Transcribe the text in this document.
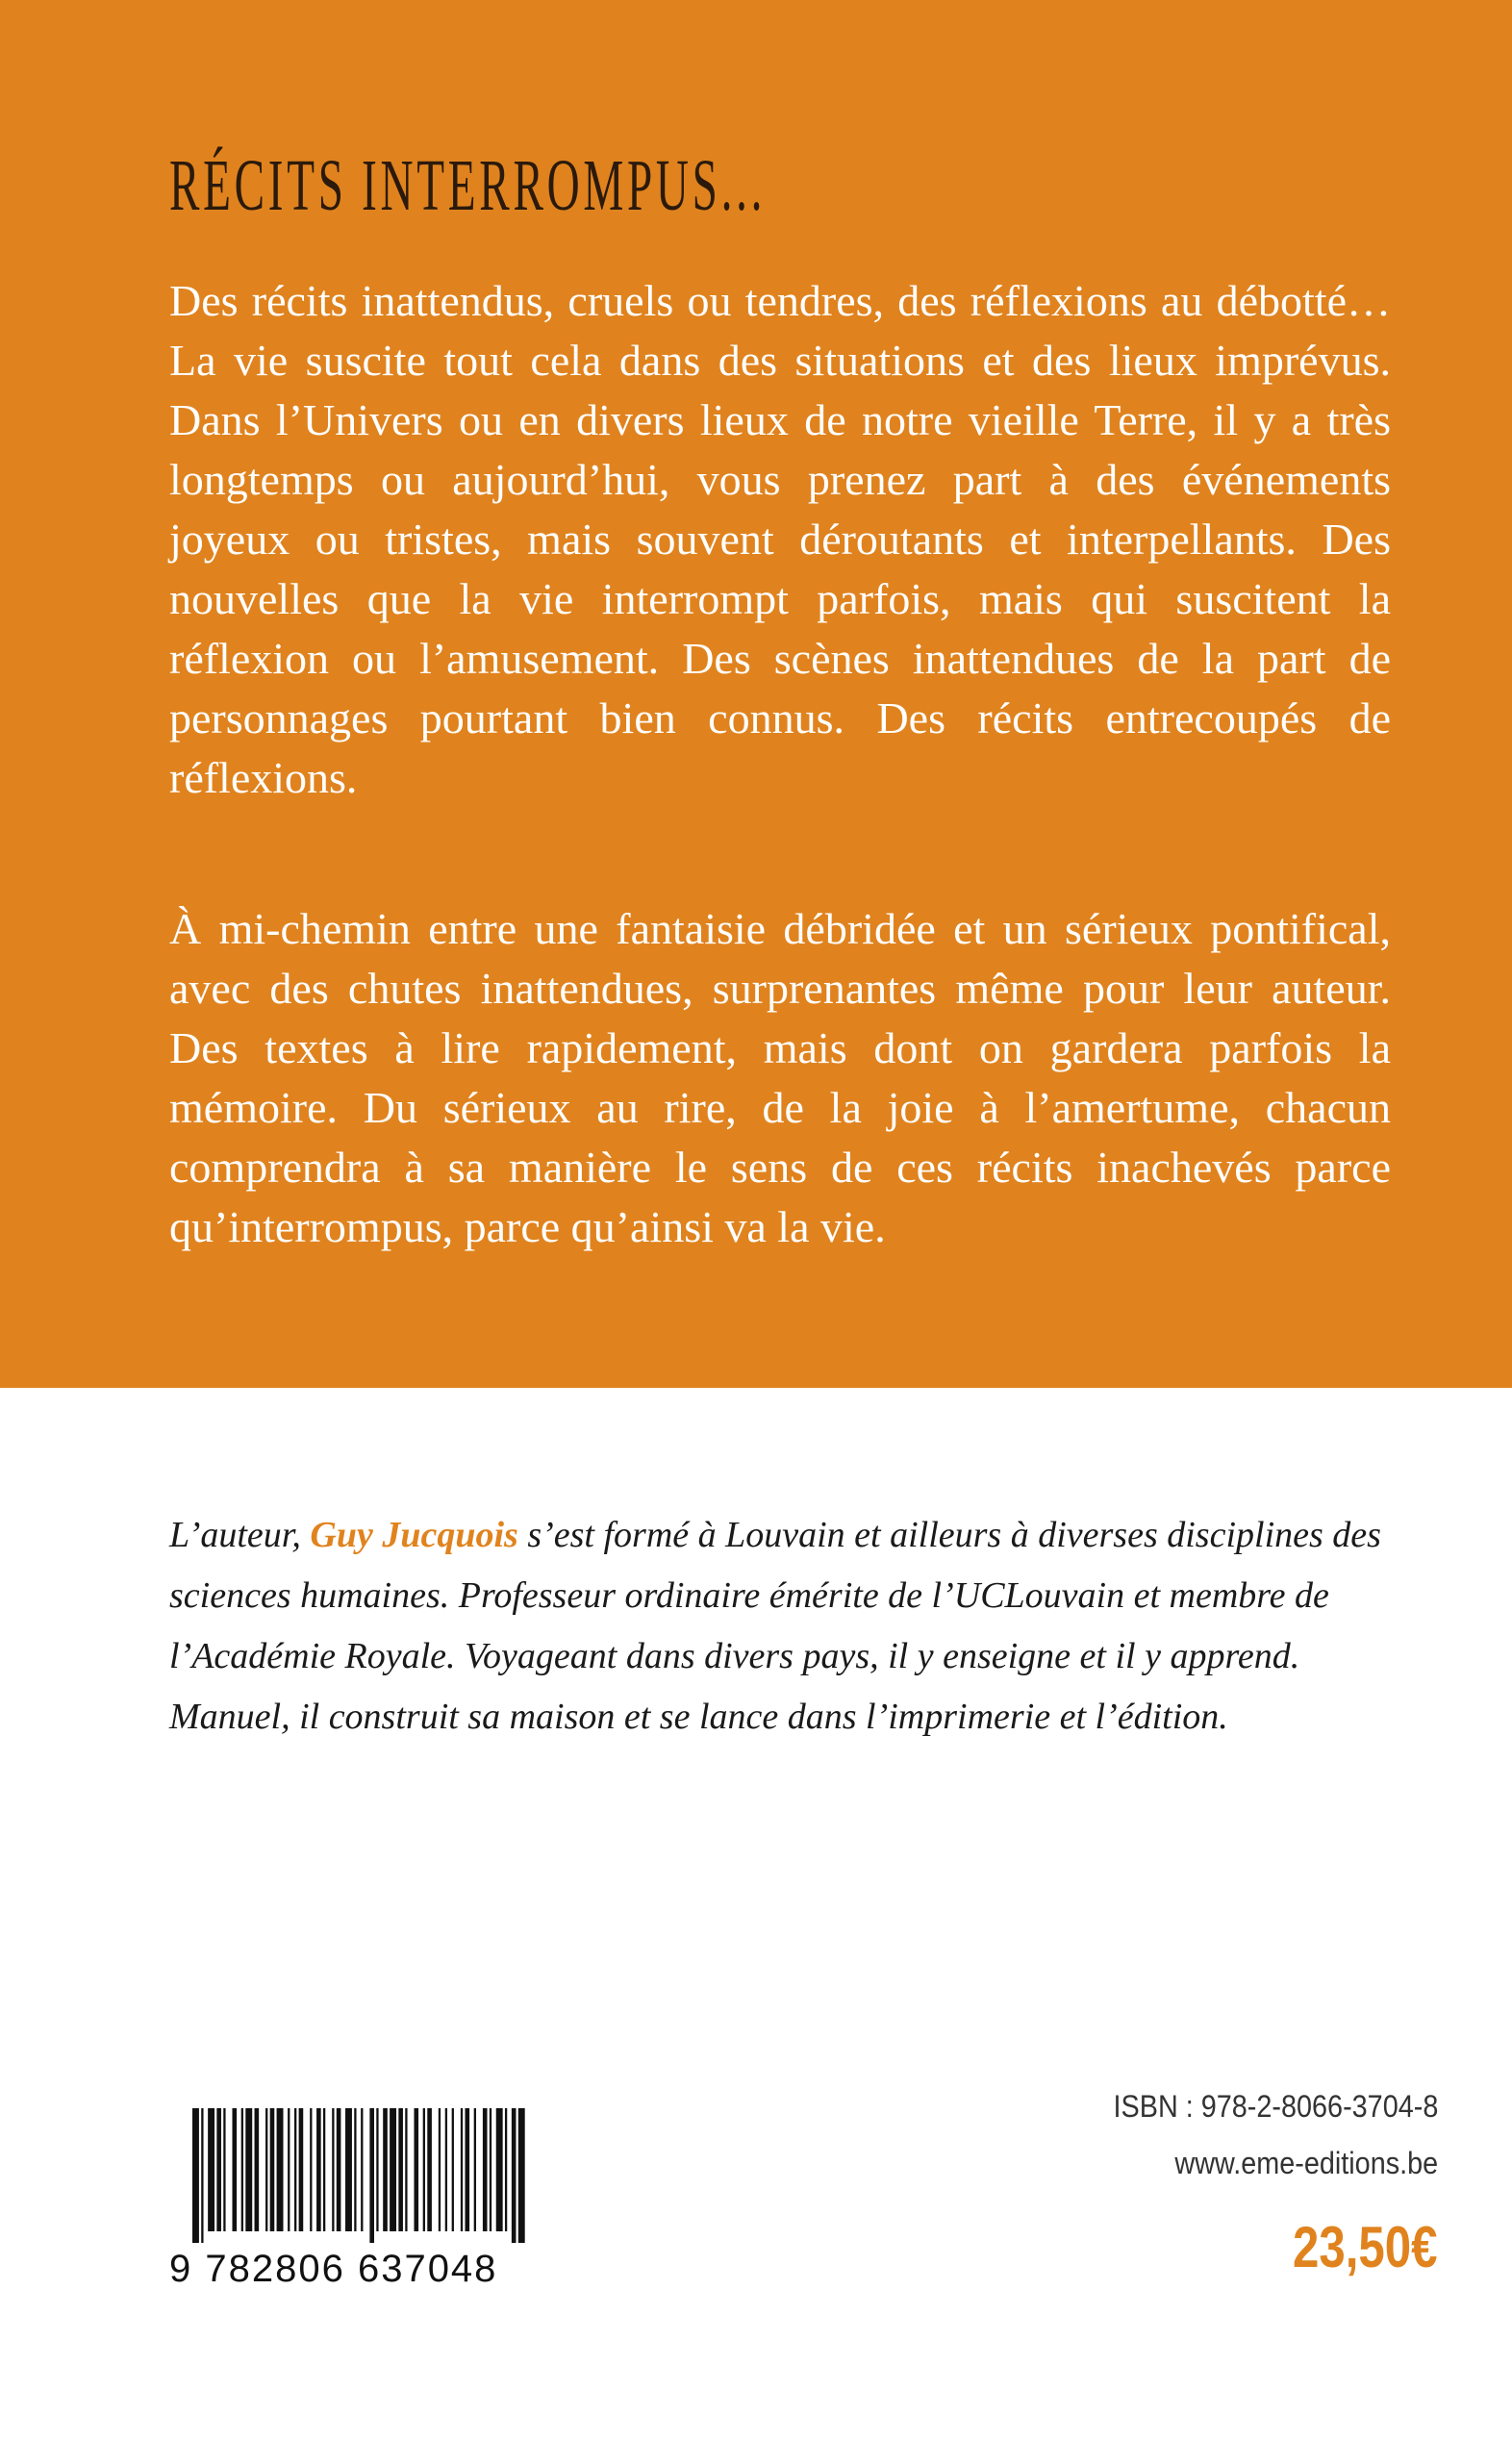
RÉCITS INTERROMPUS...

Des récits inattendus, cruels ou tendres, des réflexions au débotté… La vie suscite tout cela dans des situations et des lieux imprévus. Dans l’Univers ou en divers lieux de notre vieille Terre, il y a très longtemps ou aujourd’hui, vous prenez part à des événements joyeux ou tristes, mais souvent déroutants et interpellants. Des nouvelles que la vie interrompt parfois, mais qui suscitent la réflexion ou l’amusement. Des scènes inattendues de la part de personnages pourtant bien connus. Des récits entrecoupés de réflexions.

À mi-chemin entre une fantaisie débridée et un sérieux pontifical, avec des chutes inattendues, surprenantes même pour leur auteur. Des textes à lire rapidement, mais dont on gardera parfois la mémoire. Du sérieux au rire, de la joie à l’amertume, chacun comprendra à sa manière le sens de ces récits inachevés parce qu’interrompus, parce qu’ainsi va la vie.

L’auteur, Guy Jucquois s’est formé à Louvain et ailleurs à diverses disciplines des sciences humaines. Professeur ordinaire émérite de l’UCLouvain et membre de l’Académie Royale. Voyageant dans divers pays, il y enseigne et il y apprend. Manuel, il construit sa maison et se lance dans l’imprimerie et l’édition.

9 782806 637048
ISBN : 978-2-8066-3704-8
www.eme-editions.be
23,50€
